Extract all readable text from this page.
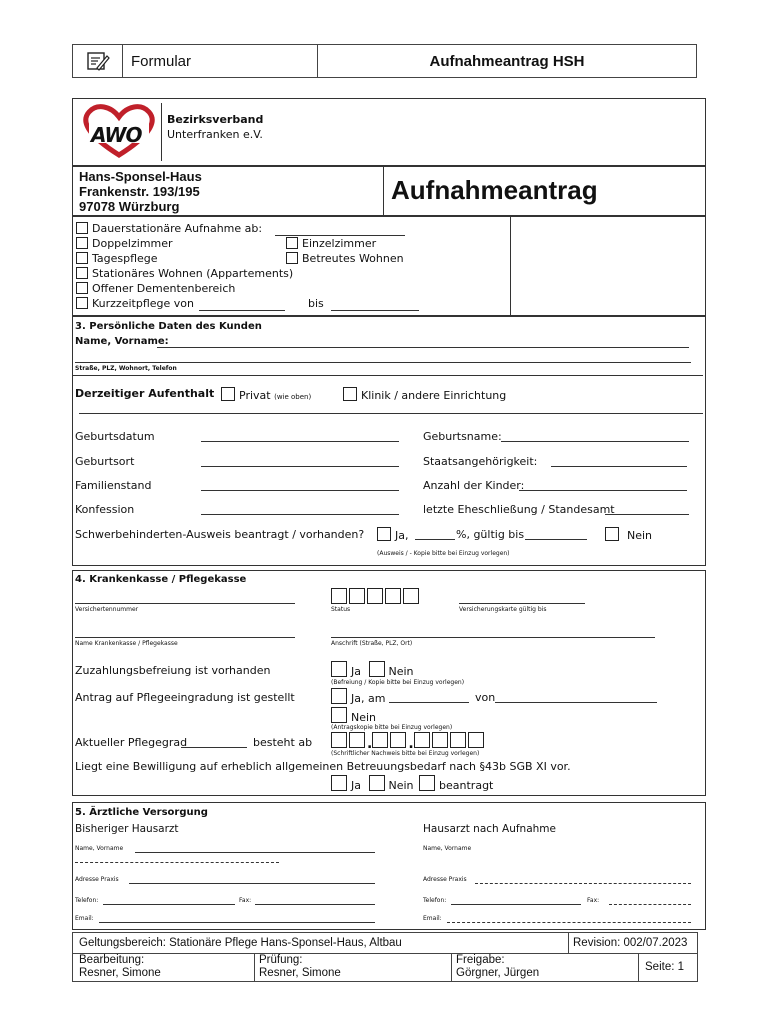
Formular	Aufnahmeantrag HSH
AWO
Bezirksverband
Unterfranken e.V.
Hans-Sponsel-Haus
Frankenstr. 193/195
97078 Würzburg
Aufnahmeantrag
Dauerstationäre Aufnahme ab:
Doppelzimmer	Einzelzimmer
Tagespflege	Betreutes Wohnen
Stationäres Wohnen (Appartements)
Offener Dementenbereich
Kurzzeitpflege von	bis
3. Persönliche Daten des Kunden
Name, Vorname:
Straße, PLZ, Wohnort, Telefon
Derzeitiger Aufenthalt	Privat (wie oben)	Klinik / andere Einrichtung
Geburtsdatum	Geburtsname:
Geburtsort	Staatsangehörigkeit:
Familienstand	Anzahl der Kinder:
Konfession	letzte Eheschließung / Standesamt
Schwerbehinderten-Ausweis beantragt / vorhanden?	Ja,	%, gültig bis	Nein
(Ausweis / - Kopie bitte bei Einzug vorlegen)
4. Krankenkasse / Pflegekasse
Versichertennummer	Status	Versicherungskarte gültig bis
Name Krankenkasse / Pflegekasse	Anschrift (Straße, PLZ, Ort)
Zuzahlungsbefreiung ist vorhanden	Ja	Nein
(Befreiung / Kopie bitte bei Einzug vorlegen)
Antrag auf Pflegeeingradung ist gestellt	Ja, am	von
Nein
(Antragskopie bitte bei Einzug vorlegen)
Aktueller Pflegegrad	besteht ab	.	.
(Schriftlicher Nachweis bitte bei Einzug vorlegen)
Liegt eine Bewilligung auf erheblich allgemeinen Betreuungsbedarf nach §43b SGB XI vor.
Ja	Nein beantragt
5. Ärztliche Versorgung
Bisheriger Hausarzt	Hausarzt nach Aufnahme
Name, Vorname	Name, Vorname
Adresse Praxis	Adresse Praxis
Telefon:	Fax:	Telefon:	Fax:
Email:	Email:
Geltungsbereich: Stationäre Pflege Hans-Sponsel-Haus, Altbau	Revision: 002/07.2023
Bearbeitung:
Resner, Simone
Prüfung:
Resner, Simone
Freigabe:
Görgner, Jürgen	Seite: 1
